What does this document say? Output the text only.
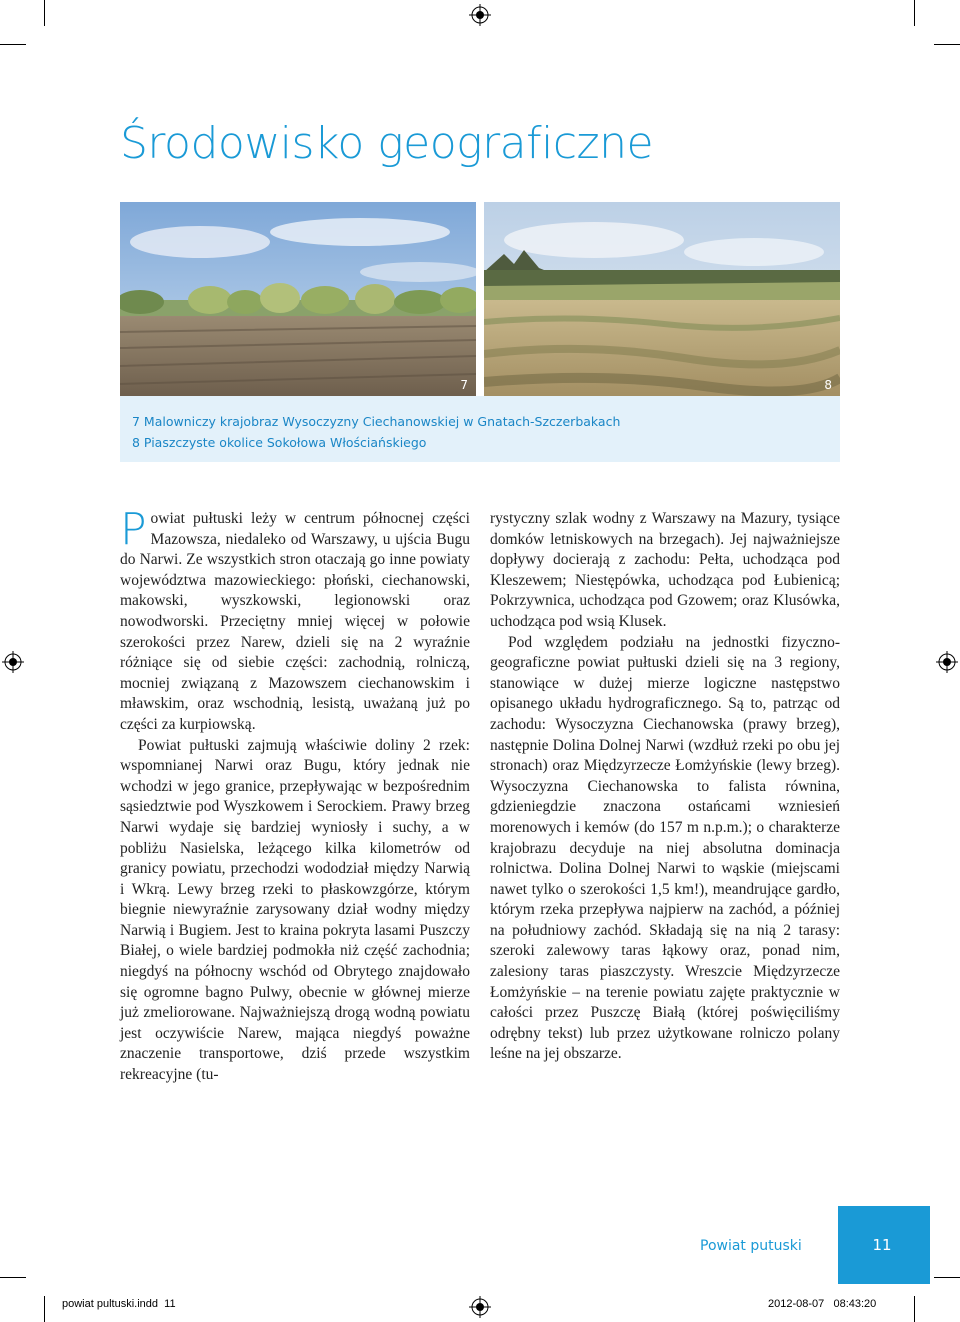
Środowisko geograficzne
7	8
7 Malowniczy krajobraz Wysoczyzny Ciechanowskiej w Gnatach-Szczerbakach
8 Piaszczyste okolice Sokołowa Włościańskiego

Powiat pułtuski leży w centrum północnej części Mazowsza, niedaleko od Warszawy, u ujścia Bugu do Narwi. Ze wszystkich stron otaczają go inne powiaty województwa mazowieckiego: płoński, ciechanowski, makowski, wyszkowski, legionowski oraz nowodworski. Przeciętny mniej więcej w połowie szerokości przez Narew, dzieli się na 2 wyraźnie różniące się od siebie części: zachodnią, rolniczą, mocniej związaną z Mazowszem ciechanowskim i mławskim, oraz wschodnią, lesistą, uważaną już po części za kurpiowską.

Powiat pułtuski zajmują właściwie doliny 2 rzek: wspomnianej Narwi oraz Bugu, który jednak nie wchodzi w jego granice, przepływając w bezpośrednim sąsiedztwie pod Wyszkowem i Serockiem. Prawy brzeg Narwi wydaje się bardziej wyniosły i suchy, a w pobliżu Nasielska, leżącego kilka kilometrów od granicy powiatu, przechodzi wododział między Narwią i Wkrą. Lewy brzeg rzeki to płaskowzgórze, którym biegnie niewyraźnie zarysowany dział wodny między Narwią i Bugiem. Jest to kraina pokryta lasami Puszczy Białej, o wiele bardziej podmokła niż część zachodnia; niegdyś na północny wschód od Obrytego znajdowało się ogromne bagno Pulwy, obecnie w głównej mierze już zmeliorowane. Najważniejszą drogą wodną powiatu jest oczywiście Narew, mająca niegdyś poważne znaczenie transportowe, dziś przede wszystkim rekreacyjne (tu-

rystyczny szlak wodny z Warszawy na Mazury, tysiące domków letniskowych na brzegach). Jej najważniejsze dopływy docierają z zachodu: Pełta, uchodząca pod Kleszewem; Niestępówka, uchodząca pod Łubienicą; Pokrzywnica, uchodząca pod Gzowem; oraz Klusówka, uchodząca pod wsią Klusek.

Pod względem podziału na jednostki fizyczno-geograficzne powiat pułtuski dzieli się na 3 regiony, stanowiące w dużej mierze logiczne następstwo opisanego układu hydrograficznego. Są to, patrząc od zachodu: Wysoczyzna Ciechanowska (prawy brzeg), następnie Dolina Dolnej Narwi (wzdłuż rzeki po obu jej stronach) oraz Międzyrzecze Łomżyńskie (lewy brzeg). Wysoczyzna Ciechanowska to falista równina, gdzieniegdzie znaczona ostańcami wzniesień morenowych i kemów (do 157 m n.p.m.); o charakterze krajobrazu decyduje na niej absolutna dominacja rolnictwa. Dolina Dolnej Narwi to wąskie (miejscami nawet tylko o szerokości 1,5 km!), meandrujące gardło, którym rzeka przepływa najpierw na zachód, a później na południowy zachód. Składają się na nią 2 tarasy: szeroki zalewowy taras łąkowy oraz, ponad nim, zalesiony taras piaszczysty. Wreszcie Międzyrzecze Łomżyńskie – na terenie powiatu zajęte praktycznie w całości przez Puszczę Białą (której poświęciliśmy odrębny tekst) lub przez użytkowane rolniczo polany leśne na jej obszarze.

Powiat putuski	11
powiat pultuski.indd 11	2012-08-07 08:43:20
